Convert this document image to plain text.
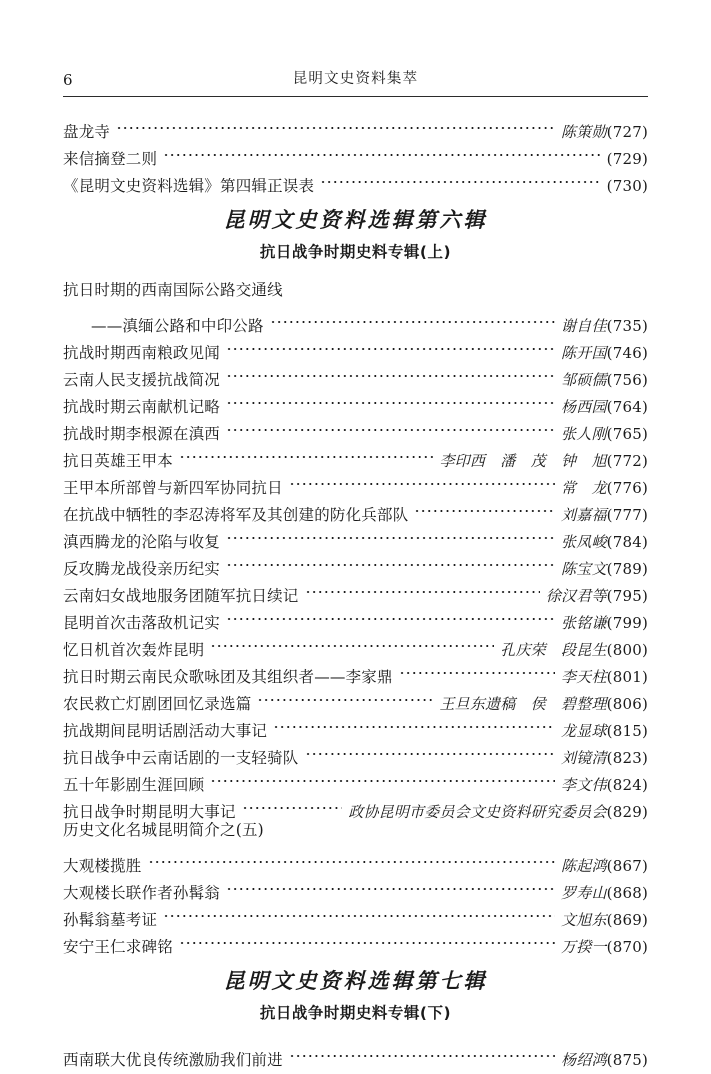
6	昆明文史资料集萃
盘龙寺	陈策勋(727)
来信摘登二则	(729)
《昆明文史资料选辑》第四辑正误表	(730)
昆明文史资料选辑第六辑
抗日战争时期史料专辑(上)
抗日时期的西南国际公路交通线
——滇缅公路和中印公路	谢自佳(735)
抗战时期西南粮政见闻	陈开国(746)
云南人民支援抗战简况	邹硕儒(756)
抗战时期云南献机记略	杨西园(764)
抗战时期李根源在滇西	张人刚(765)
抗日英雄王甲本	李印西　潘　茂　钟　旭(772)
王甲本所部曾与新四军协同抗日	常　龙(776)
在抗战中牺牲的李忍涛将军及其创建的防化兵部队	刘嘉福(777)
滇西腾龙的沦陷与收复	张凤峻(784)
反攻腾龙战役亲历纪实	陈宝文(789)
云南妇女战地服务团随军抗日续记	徐汉君等(795)
昆明首次击落敌机记实	张铭谦(799)
忆日机首次轰炸昆明	孔庆荣　段昆生(800)
抗日时期云南民众歌咏团及其组织者——李家鼎	李天柱(801)
农民救亡灯剧团回忆录选篇	王旦东遗稿　侯　碧整理(806)
抗战期间昆明话剧活动大事记	龙显球(815)
抗日战争中云南话剧的一支轻骑队	刘镜清(823)
五十年影剧生涯回顾	李文伟(824)
抗日战争时期昆明大事记	政协昆明市委员会文史资料研究委员会(829)
历史文化名城昆明简介之(五)
大观楼揽胜	陈起鸿(867)
大观楼长联作者孙髯翁	罗寿山(868)
孙髯翁墓考证	文旭东(869)
安宁王仁求碑铭	万揆一(870)
昆明文史资料选辑第七辑
抗日战争时期史料专辑(下)
西南联大优良传统激励我们前进	杨绍鸿(875)
